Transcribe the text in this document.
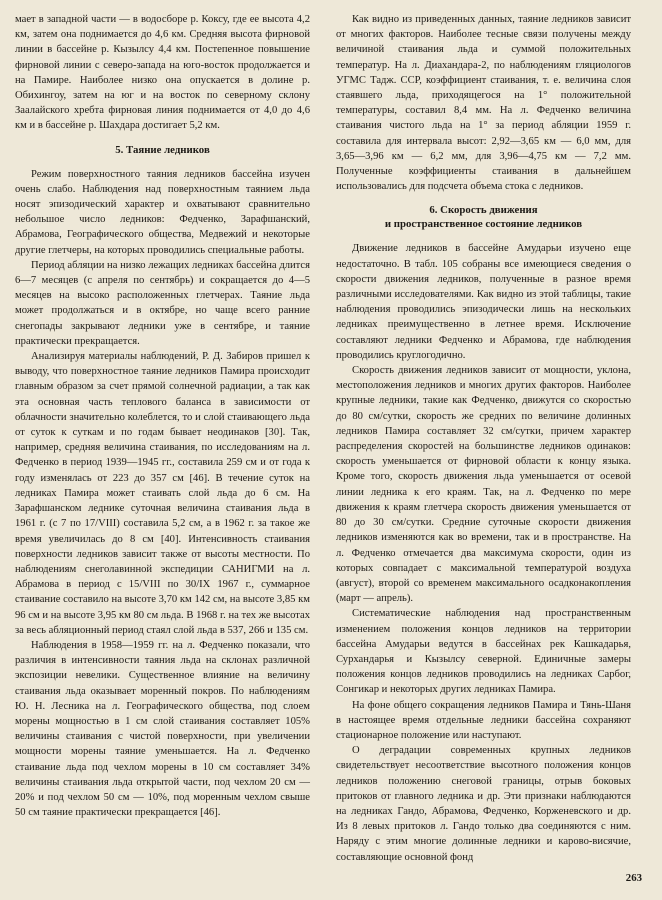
мает в западной части — в водосборе р. Коксу, где ее высота 4,2 км, затем она поднимается до 4,6 км. Средняя высота фирновой линии в бассейне р. Кызылсу 4,4 км. Постепенное повышение фирновой линии с северо-запада на юго-восток продолжается и на Памире. Наиболее низко она опускается в долине р. Обихингоу, затем на юг и на восток по северному склону Заалайского хребта фирновая линия поднимается от 4,0 до 4,6 км и в бассейне р. Шахдара достигает 5,2 км.

5. Таяние ледников

Режим поверхностного таяния ледников бассейна изучен очень слабо. Наблюдения над поверхностным таянием льда носят эпизодический характер и охватывают сравнительно небольшое число ледников: Федченко, Зарафшанский, Абрамова, Географического общества, Медвежий и некоторые другие глетчеры, на которых проводились специальные работы.

Период абляции на низко лежащих ледниках бассейна длится 6—7 месяцев (с апреля по сентябрь) и сокращается до 4—5 месяцев на высоко расположенных глетчерах. Таяние льда может продолжаться и в октябре, но чаще всего ранние снегопады закрывают ледники уже в сентябре, и таяние практически прекращается.

Анализируя материалы наблюдений, Р. Д. Забиров пришел к выводу, что поверхностное таяние ледников Памира происходит главным образом за счет прямой солнечной радиации, а так как эта основная часть теплового баланса в зависимости от облачности значительно колеблется, то и слой стаивающего льда от суток к суткам и по годам бывает неодинаков [30]. Так, например, средняя величина стаивания, по исследованиям на л. Федченко в период 1939—1945 гг., составила 259 см и от года к году изменялась от 223 до 357 см [46]. В течение суток на ледниках Памира может стаивать слой льда до 6 см. На Зарафшанском леднике суточная величина стаивания льда в 1961 г. (с 7 по 17/VIII) составила 5,2 см, а в 1962 г. за такое же время увеличилась до 8 см [40]. Интенсивность стаивания поверхности ледников зависит также от высоты местности. По наблюдениям снеголавинной экспедиции САНИГМИ на л. Абрамова в период с 15/VIII по 30/IX 1967 г., суммарное стаивание составило на высоте 3,70 км 142 см, на высоте 3,85 км 96 см и на высоте 3,95 км 80 см льда. В 1968 г. на тех же высотах за весь абляционный период стаял слой льда в 537, 266 и 135 см.

Наблюдения в 1958—1959 гг. на л. Федченко показали, что различия в интенсивности таяния льда на склонах различной экспозиции невелики. Существенное влияние на величину стаивания льда оказывает моренный покров. По наблюдениям Ю. Н. Лесника на л. Географического общества, под слоем морены мощностью в 1 см слой стаивания составляет 105% величины стаивания с чистой поверхности, при увеличении мощности морены таяние уменьшается. На л. Федченко стаивание льда под чехлом морены в 10 см составляет 34% величины стаивания льда открытой части, под чехлом 20 см — 20% и под чехлом 50 см — 10%, под моренным чехлом свыше 50 см таяние практически прекращается [46].

Как видно из приведенных данных, таяние ледников зависит от многих факторов. Наиболее тесные связи получены между величиной стаивания льда и суммой положительных температур. На л. Диахандара-2, по наблюдениям гляциологов УГМС Тадж. ССР, коэффициент стаивания, т. е. величина слоя стаявшего льда, приходящегося на 1° положительной температуры, составил 8,4 мм. На л. Федченко величина стаивания чистого льда на 1° за период абляции 1959 г. составила для интервала высот: 2,92—3,65 км — 6,0 мм, для 3,65—3,96 км — 6,2 мм, для 3,96—4,75 км — 7,2 мм. Полученные коэффициенты стаивания в дальнейшем использовались для подсчета объема стока с ледников.

6. Скорость движения
и пространственное состояние ледников

Движение ледников в бассейне Амударьи изучено еще недостаточно. В табл. 105 собраны все имеющиеся сведения о скорости движения ледников, полученные в разное время различными исследователями. Как видно из этой таблицы, такие наблюдения проводились эпизодически лишь на нескольких ледниках преимущественно в летнее время. Исключение составляют ледники Федченко и Абрамова, где наблюдения проводились круглогодично.

Скорость движения ледников зависит от мощности, уклона, местоположения ледников и многих других факторов. Наиболее крупные ледники, такие как Федченко, движутся со скоростью до 80 см/сутки, скорость же средних по величине долинных ледников Памира составляет 32 см/сутки, причем характер распределения скоростей на большинстве ледников одинаков: скорость уменьшается от фирновой области к концу языка. Кроме того, скорость движения льда уменьшается от осевой линии ледника к его краям. Так, на л. Федченко по мере движения к краям глетчера скорость движения уменьшается от 80 до 30 см/сутки. Средние суточные скорости движения ледников изменяются как во времени, так и в пространстве. На л. Федченко отмечается два максимума скорости, один из которых совпадает с максимальной температурой воздуха (август), второй со временем максимального осадконакопления (март — апрель).

Систематические наблюдения над пространственным изменением положения концов ледников на территории бассейна Амударьи ведутся в бассейнах рек Кашкадарья, Сурхандарья и Кызылсу северной. Единичные замеры положения концов ледников проводились на ледниках Сарбог, Сонгикар и некоторых других ледниках Памира.

На фоне общего сокращения ледников Памира и Тянь-Шаня в настоящее время отдельные ледники бассейна сохраняют стационарное положение или наступают.

О деградации современных крупных ледников свидетельствует несоответствие высотного положения концов ледников положению снеговой границы, отрыв боковых притоков от главного ледника и др. Эти признаки наблюдаются на ледниках Гандо, Абрамова, Федченко, Корженевского и др. Из 8 левых притоков л. Гандо только два соединяются с ним. Наряду с этим многие долинные ледники и карово-висячие, составляющие основной фонд

263
